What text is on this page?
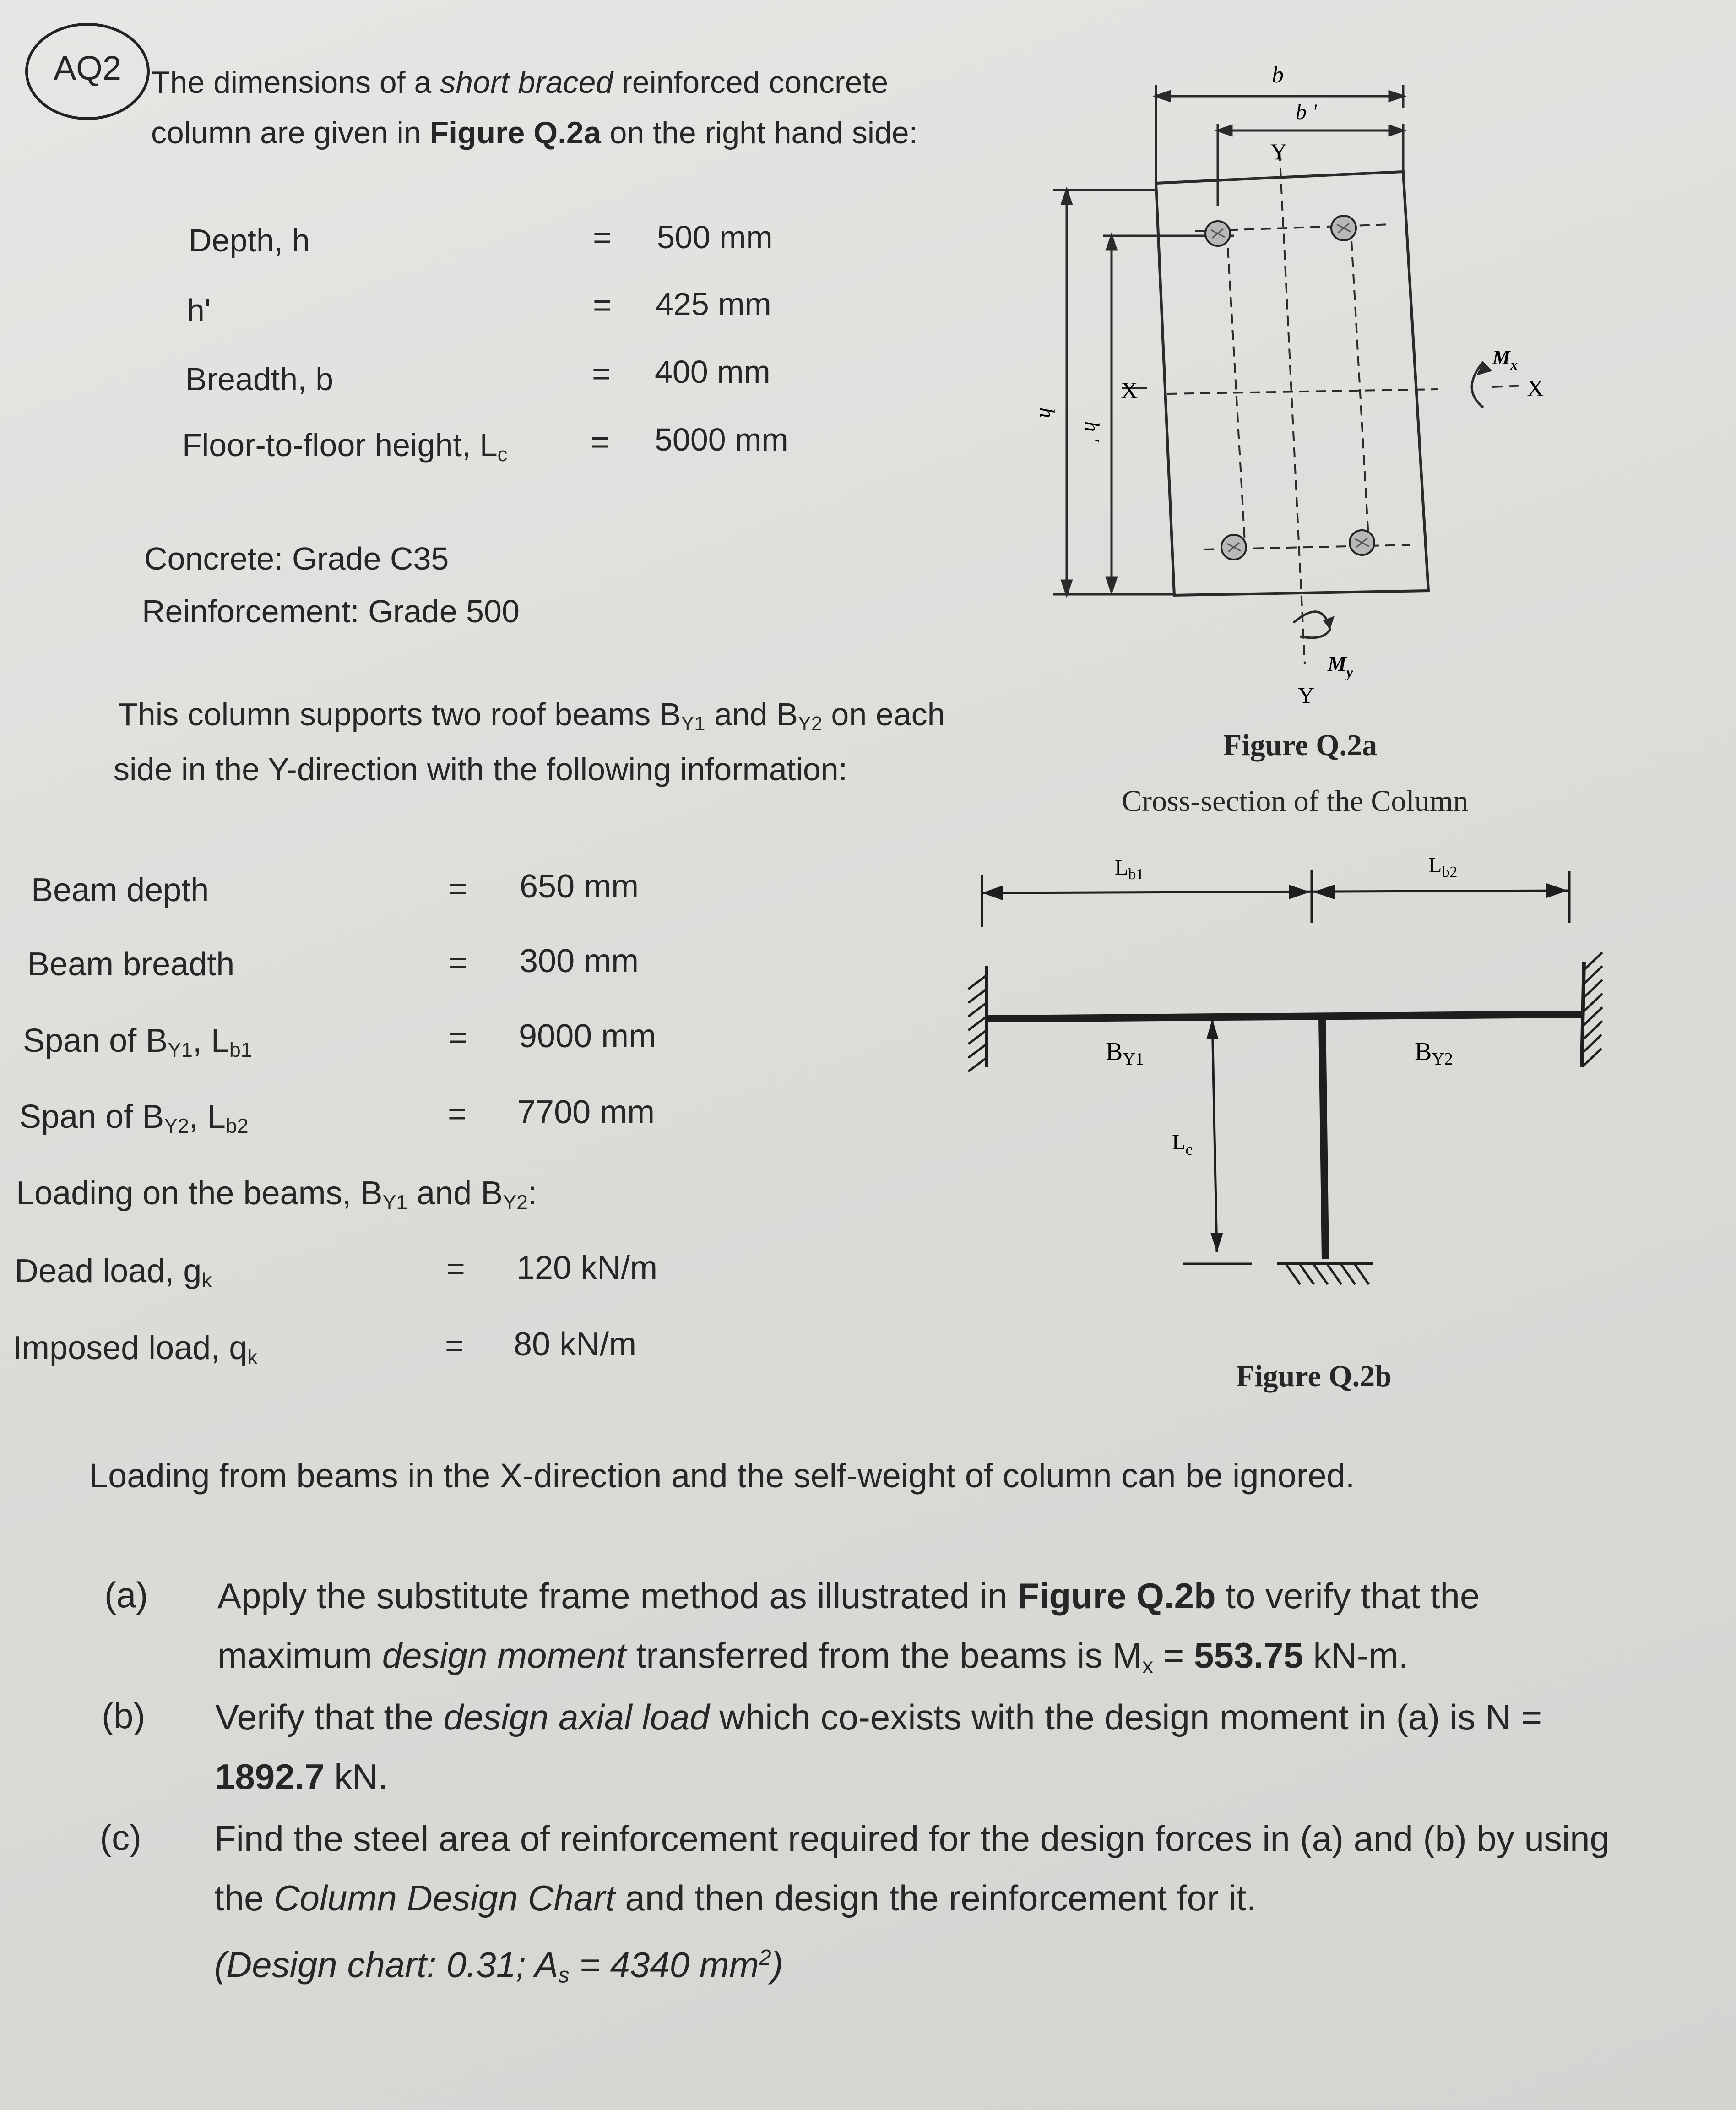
AQ2 The dimensions of a short braced reinforced concrete column are given in Figure Q.2a on the right hand side:
Depth, h	= 500 mm
h'	= 425 mm
Breadth, b	= 400 mm
Floor-to-floor height, Lc	= 5000 mm
Concrete: Grade C35
Reinforcement: Grade 500
This column supports two roof beams BY1 and BY2 on each
side in the Y-direction with the following information:
Beam depth	= 650 mm
Beam breadth	= 300 mm
Span of BY1, Lb1	= 9000 mm
Span of BY2, Lb2	= 7700 mm
Loading on the beams, BY1 and BY2:
Dead load, gk	= 120 kN/m
Imposed load, qk	= 80 kN/m
b
b '
Y
Y
X	X
h
h '
$M_x$
$M_y$
Figure Q.2a
Cross-section of the Column
$L_{b1}$	$L_{b2}$
BY1	BY2
$L_c$
Figure Q.2b
Loading from beams in the X-direction and the self-weight of column can be ignored.
(a) Apply the substitute frame method as illustrated in Figure Q.2b to verify that the maximum design moment transferred from the beams is Mx = 553.75 kN-m.
(b) Verify that the design axial load which co-exists with the design moment in (a) is N = 1892.7 kN.
(c) Find the steel area of reinforcement required for the design forces in (a) and (b) by using the Column Design Chart and then design the reinforcement for it.
(Design chart: 0.31; As = 4340 $mm^2$)
